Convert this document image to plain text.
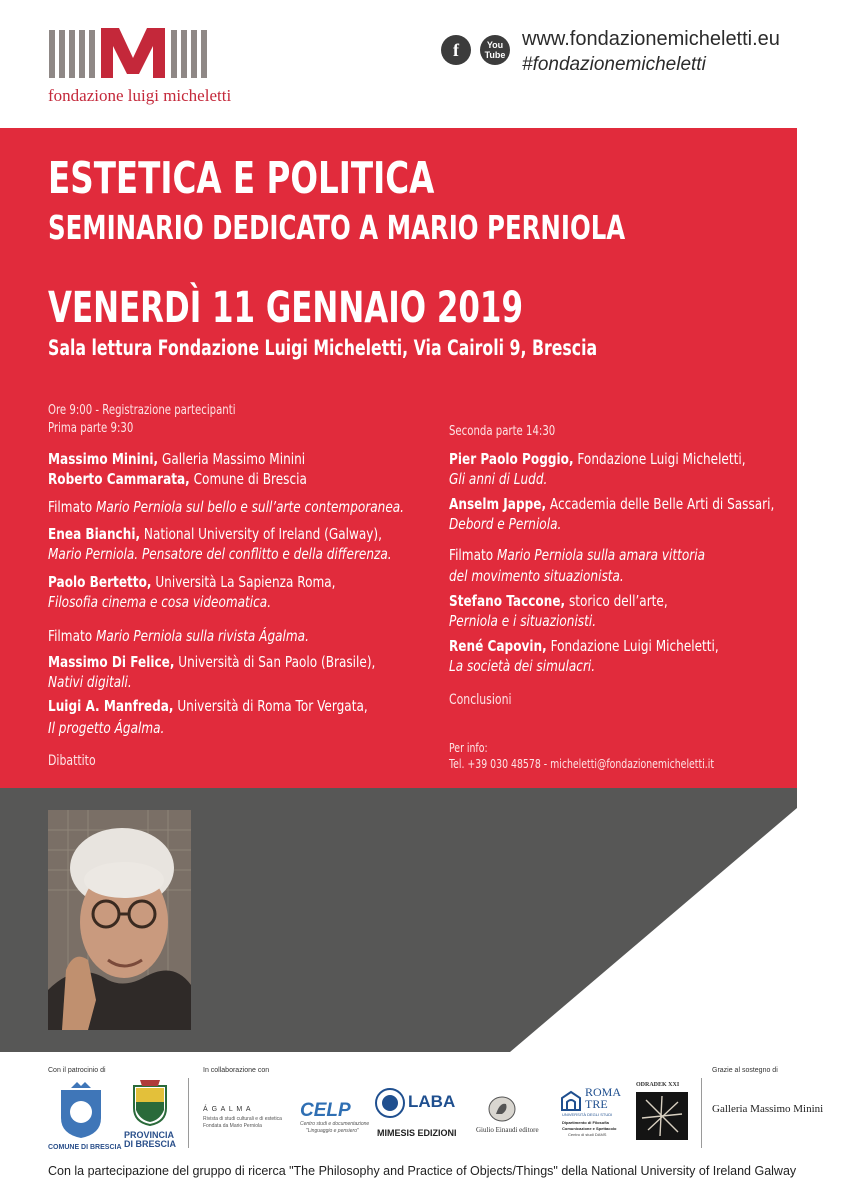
fondazione luigi micheletti
f	You
Tube
www.fondazionemicheletti.eu
#fondazionemicheletti
ESTETICA E POLITICA
SEMINARIO DEDICATO A MARIO PERNIOLA
VENERDÌ 11 GENNAIO 2019
Sala lettura Fondazione Luigi Micheletti, Via Cairoli 9, Brescia
Ore 9:00 - Registrazione partecipanti
Prima parte 9:30
Massimo Minini, Galleria Massimo Minini
Roberto Cammarata, Comune di Brescia
Filmato Mario Perniola sul bello e sull’arte contemporanea.
Enea Bianchi, National University of Ireland (Galway),
Mario Perniola. Pensatore del conflitto e della differenza.
Paolo Bertetto, Università La Sapienza Roma,
Filosofia cinema e cosa videomatica.
Filmato Mario Perniola sulla rivista Ágalma.
Massimo Di Felice, Università di San Paolo (Brasile),
Nativi digitali.
Luigi A. Manfreda, Università di Roma Tor Vergata,
Il progetto Ágalma.
Dibattito
Seconda parte 14:30
Pier Paolo Poggio, Fondazione Luigi Micheletti,
Gli anni di Ludd.
Anselm Jappe, Accademia delle Belle Arti di Sassari,
Debord e Perniola.
Filmato Mario Perniola sulla amara vittoria
del movimento situazionista.
Stefano Taccone, storico dell’arte,
Perniola e i situazionisti.
René Capovin, Fondazione Luigi Micheletti,
La società dei simulacri.
Conclusioni
Per info:
Tel. +39 030 48578 - micheletti@fondazionemicheletti.it
Con il patrocinio di	In collaborazione con	Grazie al sostegno di
COMUNE DI BRESCIA
PROVINCIA
DI BRESCIA
Á G A L M A
Rivista di studi culturali e di estetica
Fondata da Mario Perniola
CELP
Centro studi e documentazione
"Linguaggio e pensiero"
LABA
MIMESIS EDIZIONI	Giulio Einaudi editore
ROMA
TRE
UNIVERSITÀ DEGLI STUDI
Dipartimento di Filosofia
Comunicazione e Spettacolo
Centro di studi DAMS
ODRADEK XXI
Galleria Massimo Minini
Con la partecipazione del gruppo di ricerca "The Philosophy and Practice of Objects/Things" della National University of Ireland Galway
